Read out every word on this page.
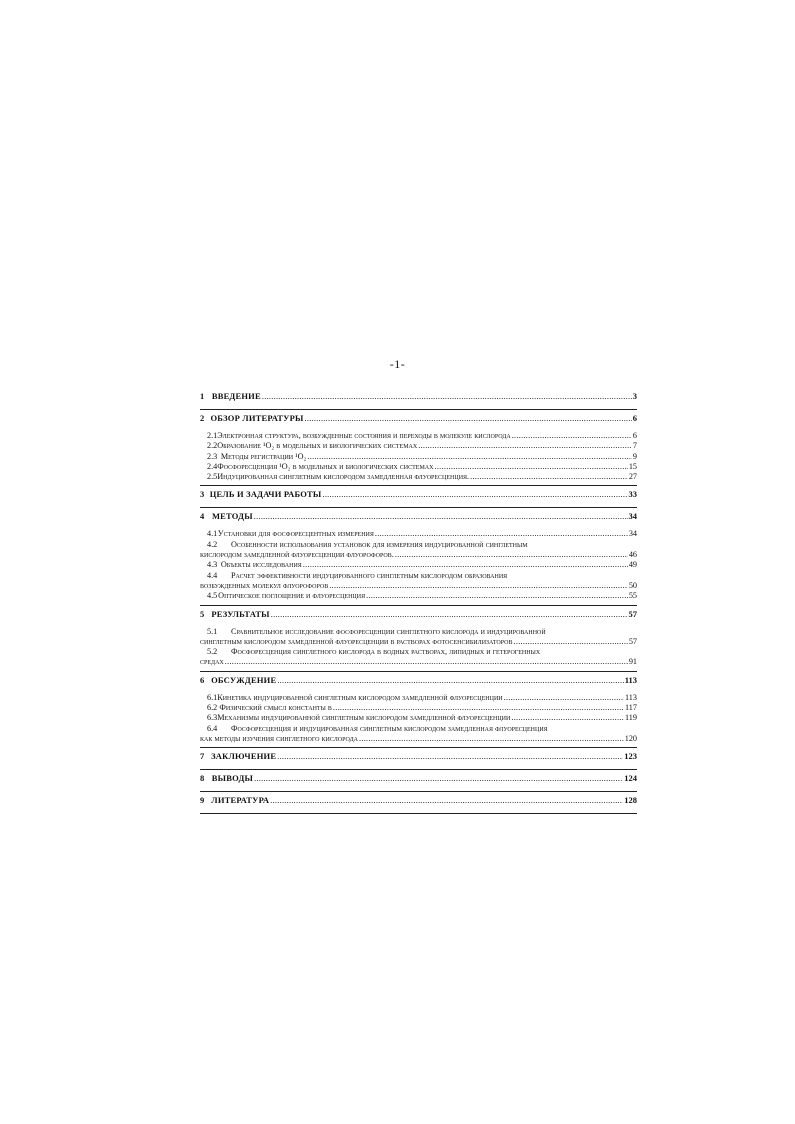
-1-
1 ВВЕДЕНИЕ .....	3
2 ОБЗОР ЛИТЕРАТУРЫ .....	6
2.1 Электронная структура, возбужденные состояния и переходы в молекуле кислорода .....	6
2.2 Образование ¹O₂ в модельных и биологических системах .....	7
2.3 Методы регистрации ¹O₂ .....	9
2.4 Фосфоресценция ¹O₂ в модельных и биологических системах .....	15
2.5 Индуцированная синглетным кислородом замедленная флуоресценция. .....	27
3 ЦЕЛЬ И ЗАДАЧИ РАБОТЫ .....	33
4 МЕТОДЫ .....	34
4.1 Установки для фосфоресцентных измерения .....	34
4.2	Особенности использования установок для измерения индуцированной синглетным
кислородом замедленной флуоресценции флуорофоров. .....	46
4.3 Объекты исследования .....	49
4.4	Расчет эффективности индуцированного синглетным кислородом образования
возбужденных молекул флуорофоров .....	50
4.5 Оптическое поглощение и флуоресценция .....	55
5 РЕЗУЛЬТАТЫ .....	57
5.1	Сравнительное исследование фосфоресценции синглетного кислорода и индуцированной
синглетным кислородом замедленной флуоресценции в растворах фотосенсибилизаторов .....	57
5.2	Фосфоресценция синглетного кислорода в водных растворах, липидных и гетерогенных
средах .....	91
6 ОБСУЖДЕНИЕ .....	113
6.1 Кинетика индуцированной синглетным кислородом замедленной флуоресценции .....	113
6.2 Физический смысл константы β .....	117
6.3 Механизмы индуцированной синглетным кислородом замедленной флуоресценции .....	119
6.4	Фосфоресценция и индуцированная синглетным кислородом замедленная флуоресценция
как методы изучения синглетного кислорода .....	120
7 ЗАКЛЮЧЕНИЕ .....	123
8 ВЫВОДЫ .....	124
9 ЛИТЕРАТУРА .....	128
